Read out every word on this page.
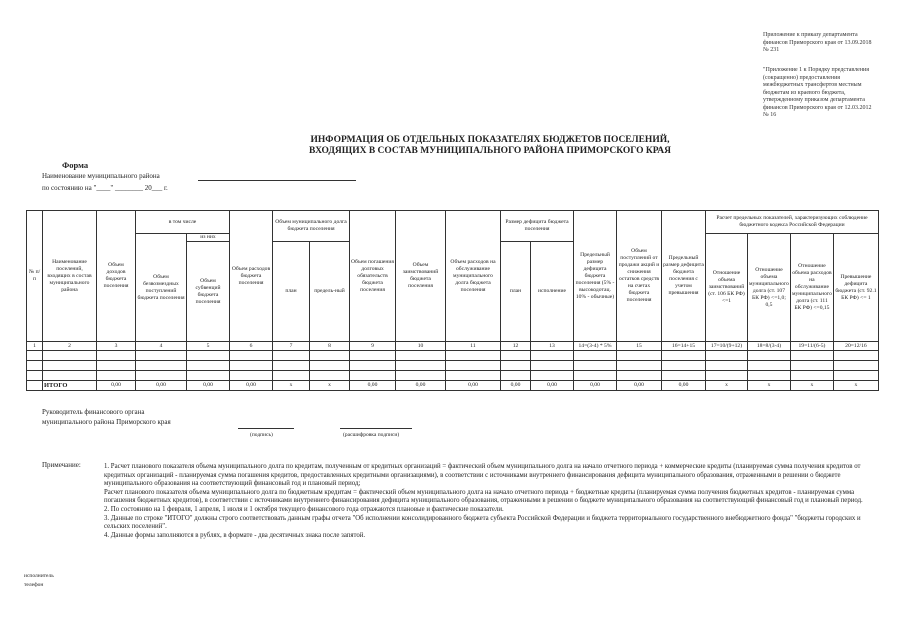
Приложение к приказу департамента
финансов Приморского края от 13.09.2018
№ 231
"Приложение 1 к Порядку представления
(сокращенно) предоставления
межбюджетных трансфертов местным
бюджетам из краевого бюджета,
утвержденному приказом департамента
финансов Приморского края от 12.03.2012
№ 16
ИНФОРМАЦИЯ ОБ ОТДЕЛЬНЫХ ПОКАЗАТЕЛЯХ БЮДЖЕТОВ ПОСЕЛЕНИЙ,
ВХОДЯЩИХ В СОСТАВ МУНИЦИПАЛЬНОГО РАЙОНА ПРИМОРСКОГО КРАЯ
Форма
Наименование муниципального района
по состоянию на "____" ________ 20___ г.
№ п/п	Наименование поселений, входящих в состав муниципального района	Объем доходов бюджета поселения	в том числе		Объем расходов бюджета поселения	Объем муниципального долга бюджета поселения		Объем погашения долговых обязательств бюджета поселения	Объем заимствований бюджета поселения	Объем расходов на обслуживание муниципального долга бюджета поселения	Размер дефицита бюджета поселения		Предельный размер дефицита бюджета поселения (5% - высокодотац. 10% - обычные)	Объем поступлений от продажи акций и снижения остатков средств на счетах бюджета поселения	Предельный размер дефицита бюджета поселения с учетом превышения	Расчет предельных показателей, характеризующих соблюдение бюджетного кодекса Российской Федерации			
			Объем безвозмездных поступлений бюджета поселения	из них												Отношение объема заимствований (ст. 106 БК РФ) <=1	Отношение объема муниципального долга (ст. 107 БК РФ) <=1,0; 0,5	Отношение объема расходов на обслуживание муниципального долга (ст. 111 БК РФ) <=0,15	Превышение дефицита бюджета (ст. 92.1 БК РФ) <= 1
				Объем субвенций бюджета поселения		план	предель-ный				план	исполнение							
1	2	3	4	5	6	7	8	9	10	11	12	13	14=(3-4) * 5%	15	16=14+15	17=10/(9+12)	18=8/(3-4)	19=11/(6-5)	20=12/16

	ИТОГО	0,00	0,00	0,00	0,00	x	x	0,00	0,00	0,00	0,00	0,00	0,00	0,00	0,00	x	x	x	x
Руководитель финансового органа
муниципального района Приморского края
(подпись)	(расшифровка подписи)
Примечание:	1. Расчет планового показателя объема муниципального долга по кредитам, полученным от кредитных организаций = фактический объем муниципального долга на начало отчетного периода + коммерческие кредиты (планируемая сумма получения кредитов от кредитных организаций - планируемая сумма погашения кредитов, предоставленных кредитными организациями), в соответствии с источниками внутреннего финансирования дефицита муниципального образования, отраженными в решении о бюджете муниципального образования на соответствующий финансовый год и плановый период;

Расчет планового показателя объема муниципального долга по бюджетным кредитам = фактический объем муниципального долга на начало отчетного периода + бюджетные кредиты (планируемая сумма получения бюджетных кредитов - планируемая сумма погашения бюджетных кредитов), в соответствии с источниками внутреннего финансирования дефицита муниципального образования, отраженными в решении о бюджете муниципального образования на соответствующий финансовый год и плановый период.

2. По состоянию на 1 февраля, 1 апреля, 1 июля и 1 октября текущего финансового года отражаются плановые и фактические показатели.

3. Данные по строке "ИТОГО" должны строго соответствовать данным графы отчета "Об исполнении консолидированного бюджета субъекта Российской Федерации и бюджета территориального государственного внебюджетного фонда" "бюджеты городских и сельских поселений".

4. Данные формы заполняются в рублях, в формате - два десятичных знака после запятой.

исполнитель
телефон
